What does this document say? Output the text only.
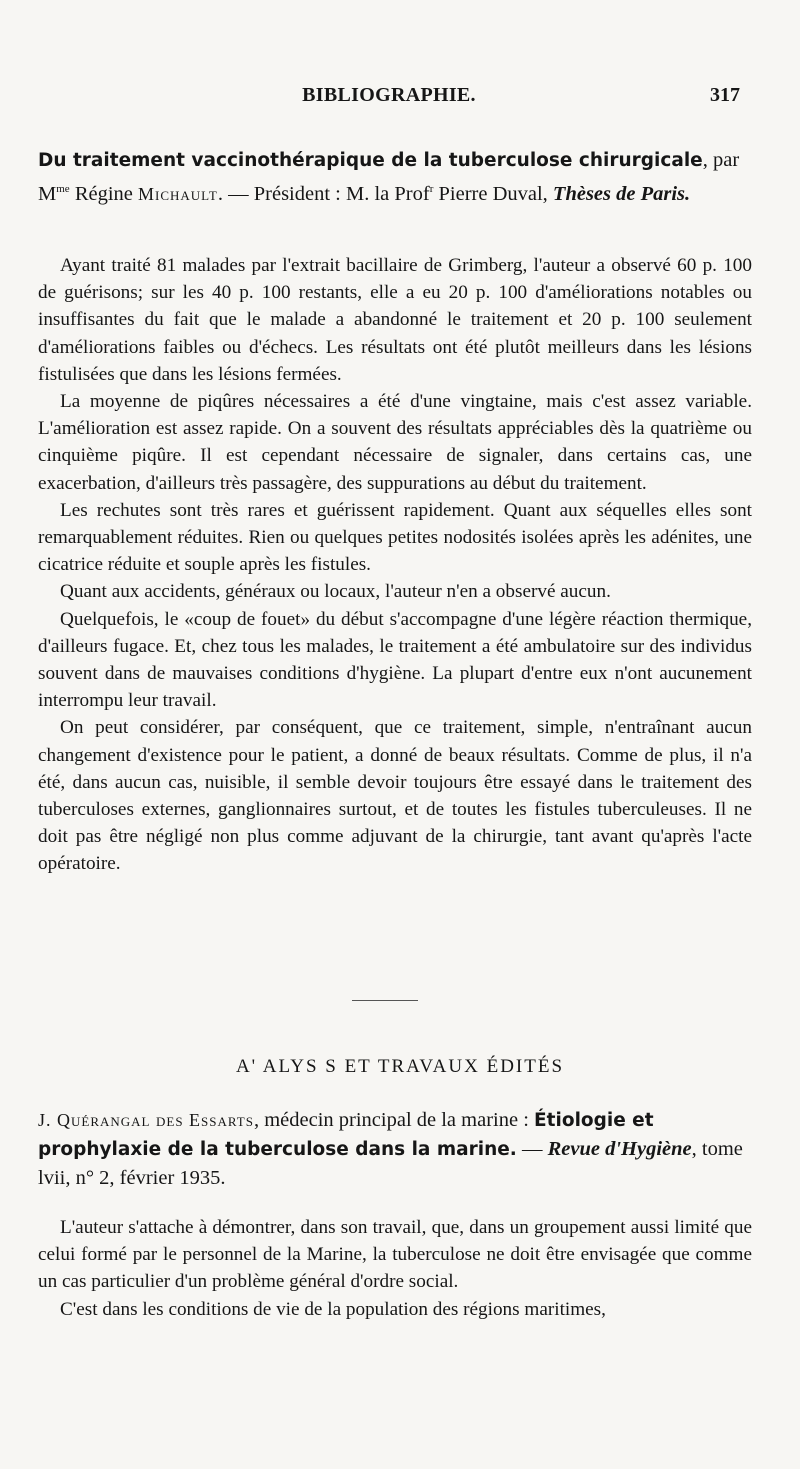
BIBLIOGRAPHIE.	317
Du traitement vaccinothérapique de la tuberculose chirurgicale, par $M^{me}$ Régine Michault. — Président : M. la Prof$^r$ Pierre Duval, Thèses de Paris.

Ayant traité 81 malades par l'extrait bacillaire de Grimberg, l'auteur a observé 60 p. 100 de guérisons; sur les 40 p. 100 restants, elle a eu 20 p. 100 d'améliorations notables ou insuffisantes du fait que le malade a abandonné le traitement et 20 p. 100 seulement d'améliorations faibles ou d'échecs. Les résultats ont été plutôt meilleurs dans les lésions fistulisées que dans les lésions fermées.

La moyenne de piqûres nécessaires a été d'une vingtaine, mais c'est assez variable. L'amélioration est assez rapide. On a souvent des résultats appréciables dès la quatrième ou cinquième piqûre. Il est cependant nécessaire de signaler, dans certains cas, une exacerbation, d'ailleurs très passagère, des suppurations au début du traitement.

Les rechutes sont très rares et guérissent rapidement. Quant aux séquelles elles sont remarquablement réduites. Rien ou quelques petites nodosités isolées après les adénites, une cicatrice réduite et souple après les fistules.

Quant aux accidents, généraux ou locaux, l'auteur n'en a observé aucun.

Quelquefois, le «coup de fouet» du début s'accompagne d'une légère réaction thermique, d'ailleurs fugace. Et, chez tous les malades, le traitement a été ambulatoire sur des individus souvent dans de mauvaises conditions d'hygiène. La plupart d'entre eux n'ont aucunement interrompu leur travail.

On peut considérer, par conséquent, que ce traitement, simple, n'entraînant aucun changement d'existence pour le patient, a donné de beaux résultats. Comme de plus, il n'a été, dans aucun cas, nuisible, il semble devoir toujours être essayé dans le traitement des tuberculoses externes, ganglionnaires surtout, et de toutes les fistules tuberculeuses. Il ne doit pas être négligé non plus comme adjuvant de la chirurgie, tant avant qu'après l'acte opératoire.

A' ALYS S ET TRAVAUX ÉDITÉS
J. Quérangal des Essarts, médecin principal de la marine : Étiologie et prophylaxie de la tuberculose dans la marine. — Revue d'Hygiène, tome lvii, n° 2, février 1935.

L'auteur s'attache à démontrer, dans son travail, que, dans un groupement aussi limité que celui formé par le personnel de la Marine, la tuberculose ne doit être envisagée que comme un cas particulier d'un problème général d'ordre social.

C'est dans les conditions de vie de la population des régions maritimes,
